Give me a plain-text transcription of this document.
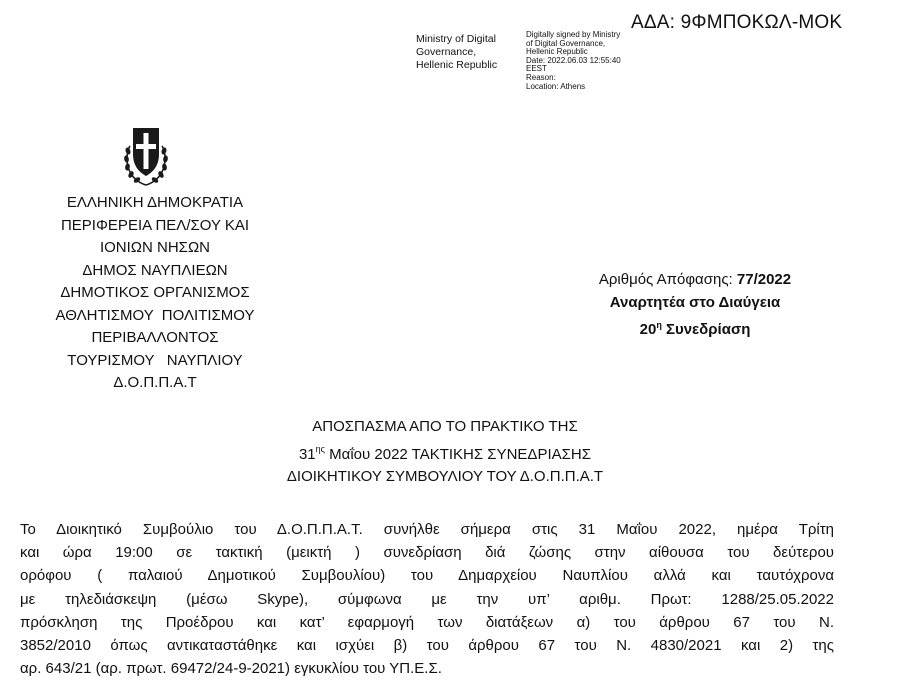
ΑΔΑ: 9ΦΜΠΟΚΩΛ-ΜΟΚ
Ministry of Digital
Governance,
Hellenic Republic
Digitally signed by Ministry
of Digital Governance,
Hellenic Republic
Date: 2022.06.03 12:55:40
EEST
Reason:
Location: Athens
ΕΛΛΗΝΙΚΗ ΔΗΜΟΚΡΑΤΙΑ
ΠΕΡΙΦΕΡΕΙΑ ΠΕΛ/ΣΟΥ ΚΑΙ
ΙΟΝΙΩΝ ΝΗΣΩΝ
ΔΗΜΟΣ ΝΑΥΠΛΙΕΩΝ
ΔΗΜΟΤΙΚΟΣ ΟΡΓΑΝΙΣΜΟΣ
ΑΘΛΗΤΙΣΜΟΥ  ΠΟΛΙΤΙΣΜΟΥ
ΠΕΡΙΒΑΛΛΟΝΤΟΣ
ΤΟΥΡΙΣΜΟΥ   ΝΑΥΠΛΙΟΥ
Δ.Ο.Π.Π.Α.Τ
Αριθμός Απόφασης: 77/2022
Αναρτητέα στο Διαύγεια
$20^\eta$ Συνεδρίαση
ΑΠΟΣΠΑΣΜΑ ΑΠΟ ΤΟ ΠΡΑΚΤΙΚΟ ΤΗΣ
$31^{\eta\varsigma}$ Μαΐου 2022 ΤΑΚΤΙΚΗΣ ΣΥΝΕΔΡΙΑΣΗΣ
ΔΙΟΙΚΗΤΙΚΟΥ ΣΥΜΒΟΥΛΙΟΥ ΤΟΥ Δ.Ο.Π.Π.Α.Τ
Το Διοικητικό Συμβούλιο του Δ.Ο.Π.Π.Α.Τ. συνήλθε σήμερα στις 31 Μαΐου 2022, ημέρα Τρίτη
και ώρα 19:00 σε τακτική (μεικτή ) συνεδρίαση διά ζώσης στην αίθουσα του δεύτερου
ορόφου ( παλαιού Δημοτικού Συμβουλίου) του Δημαρχείου Ναυπλίου αλλά και ταυτόχρονα
με τηλεδιάσκεψη (μέσω Skype), σύμφωνα με την υπ’ αριθμ. Πρωτ: 1288/25.05.2022
πρόσκληση της Προέδρου και κατ’ εφαρμογή των διατάξεων α) του άρθρου 67 του Ν.
3852/2010 όπως αντικαταστάθηκε και ισχύει β) του άρθρου 67 του Ν. 4830/2021 και 2) της
αρ. 643/21 (αρ. πρωτ. 69472/24-9-2021) εγκυκλίου του ΥΠ.Ε.Σ.
